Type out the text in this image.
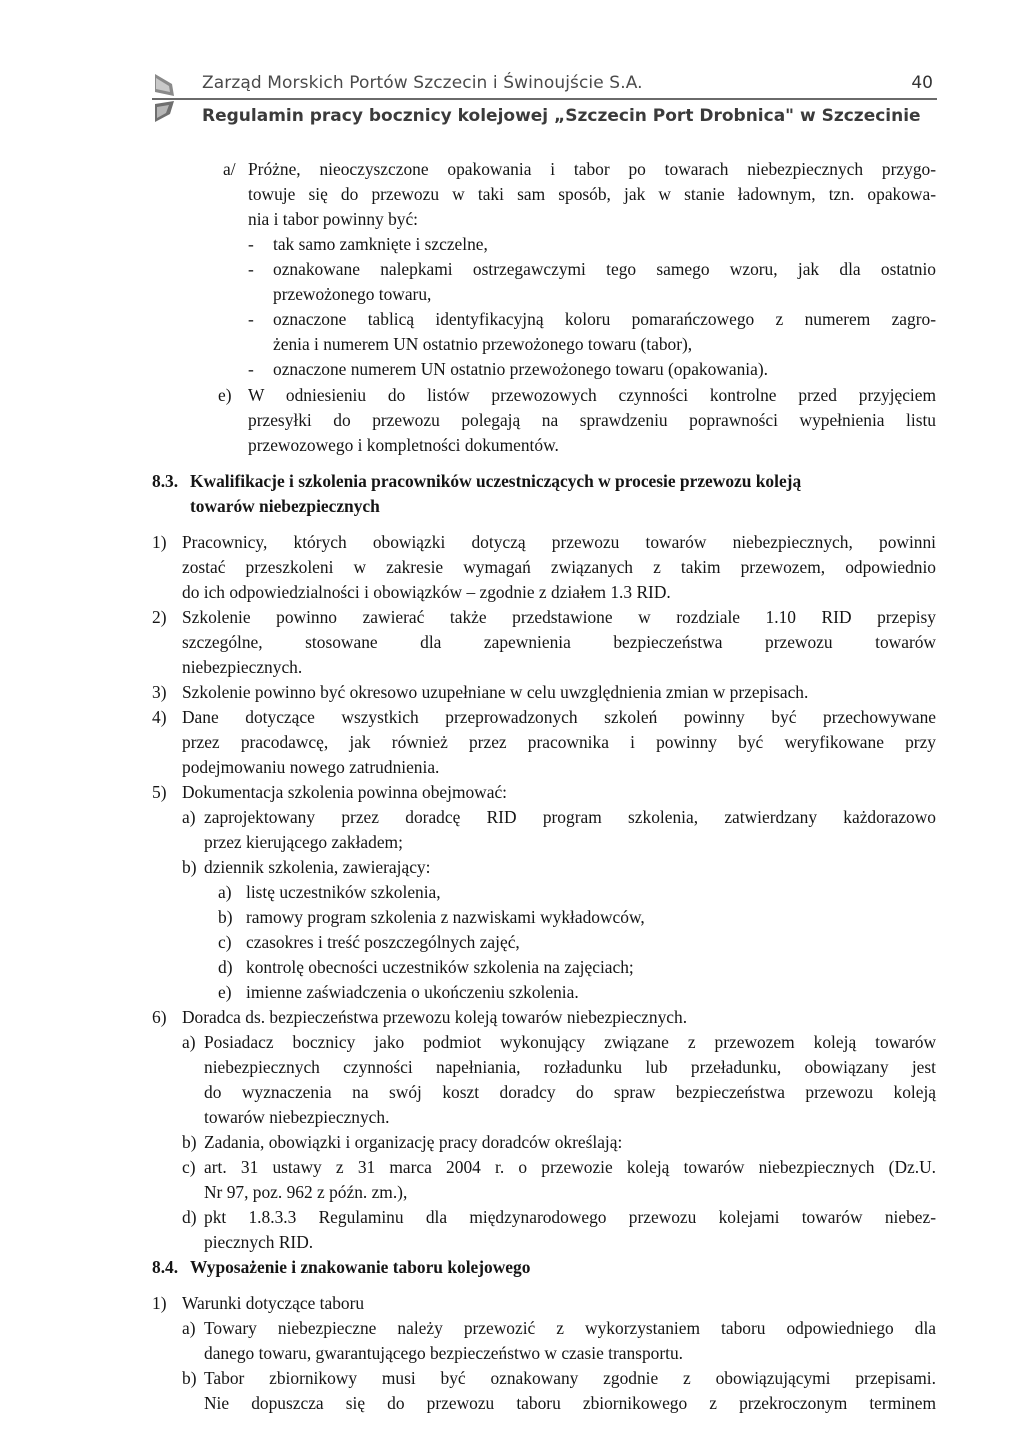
Zarząd Morskich Portów Szczecin i Świnoujście S.A.	40
Regulamin pracy bocznicy kolejowej „Szczecin Port Drobnica" w Szczecinie
a/ Próżne, nieoczyszczone opakowania i tabor po towarach niebezpiecznych przygo-
towuje się do przewozu w taki sam sposób, jak w stanie ładownym, tzn. opakowa-
nia i tabor powinny być:
- tak samo zamknięte i szczelne,
- oznakowane nalepkami ostrzegawczymi tego samego wzoru, jak dla ostatnio
przewożonego towaru,
- oznaczone tablicą identyfikacyjną koloru pomarańczowego z numerem zagro-
żenia i numerem UN ostatnio przewożonego towaru (tabor),
- oznaczone numerem UN ostatnio przewożonego towaru (opakowania).
e) W odniesieniu do listów przewozowych czynności kontrolne przed przyjęciem
przesyłki do przewozu polegają na sprawdzeniu poprawności wypełnienia listu
przewozowego i kompletności dokumentów.
8.3. Kwalifikacje i szkolenia pracowników uczestniczących w procesie przewozu koleją
towarów niebezpiecznych
1) Pracownicy, których obowiązki dotyczą przewozu towarów niebezpiecznych, powinni
zostać przeszkoleni w zakresie wymagań związanych z takim przewozem, odpowiednio
do ich odpowiedzialności i obowiązków – zgodnie z działem 1.3 RID.
2) Szkolenie powinno zawierać także przedstawione w rozdziale 1.10 RID przepisy
szczególne, stosowane dla zapewnienia bezpieczeństwa przewozu towarów
niebezpiecznych.
3) Szkolenie powinno być okresowo uzupełniane w celu uwzględnienia zmian w przepisach.
4) Dane dotyczące wszystkich przeprowadzonych szkoleń powinny być przechowywane
przez pracodawcę, jak również przez pracownika i powinny być weryfikowane przy
podejmowaniu nowego zatrudnienia.
5) Dokumentacja szkolenia powinna obejmować:
a) zaprojektowany przez doradcę RID program szkolenia, zatwierdzany każdorazowo
przez kierującego zakładem;
b) dziennik szkolenia, zawierający:
a) listę uczestników szkolenia,
b) ramowy program szkolenia z nazwiskami wykładowców,
c) czasokres i treść poszczególnych zajęć,
d) kontrolę obecności uczestników szkolenia na zajęciach;
e) imienne zaświadczenia o ukończeniu szkolenia.
6) Doradca ds. bezpieczeństwa przewozu koleją towarów niebezpiecznych.
a) Posiadacz bocznicy jako podmiot wykonujący związane z przewozem koleją towarów
niebezpiecznych czynności napełniania, rozładunku lub przeładunku, obowiązany jest
do wyznaczenia na swój koszt doradcy do spraw bezpieczeństwa przewozu koleją
towarów niebezpiecznych.
b) Zadania, obowiązki i organizację pracy doradców określają:
c) art. 31 ustawy z 31 marca 2004 r. o przewozie koleją towarów niebezpiecznych (Dz.U.
Nr 97, poz. 962 z późn. zm.),
d) pkt 1.8.3.3 Regulaminu dla międzynarodowego przewozu kolejami towarów niebez-
piecznych RID.
8.4. Wyposażenie i znakowanie taboru kolejowego
1) Warunki dotyczące taboru
a) Towary niebezpieczne należy przewozić z wykorzystaniem taboru odpowiedniego dla
danego towaru, gwarantującego bezpieczeństwo w czasie transportu.
b) Tabor zbiornikowy musi być oznakowany zgodnie z obowiązującymi przepisami.
Nie dopuszcza się do przewozu taboru zbiornikowego z przekroczonym terminem
